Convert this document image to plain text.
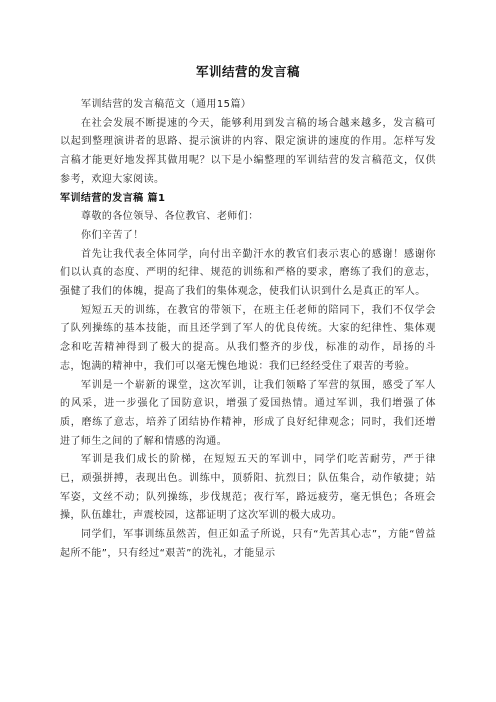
军训结营的发言稿

军训结营的发言稿范文（通用15篇）

在社会发展不断提速的今天，能够利用到发言稿的场合越来越多，发言稿可以起到整理演讲者的思路、提示演讲的内容、限定演讲的速度的作用。怎样写发言稿才能更好地发挥其做用呢？以下是小编整理的军训结营的发言稿范文，仅供参考，欢迎大家阅读。

军训结营的发言稿 篇1

尊敬的各位领导、各位教官、老师们：

你们辛苦了！

首先让我代表全体同学，向付出辛勤汗水的教官们表示衷心的感谢！感谢你们以认真的态度、严明的纪律、规范的训练和严格的要求，磨练了我们的意志，强健了我们的体魄，提高了我们的集体观念，使我们认识到什么是真正的军人。

短短五天的训练，在教官的带领下，在班主任老师的陪同下，我们不仅学会了队列操练的基本技能，而且还学到了军人的优良传统。大家的纪律性、集体观念和吃苦精神得到了极大的提高。从我们整齐的步伐，标准的动作，昂扬的斗志，饱满的精神中，我们可以毫无愧色地说：我们已经经受住了艰苦的考验。

军训是一个崭新的课堂，这次军训，让我们领略了军营的氛围，感受了军人的风采，进一步强化了国防意识，增强了爱国热情。通过军训，我们增强了体质，磨练了意志，培养了团结协作精神，形成了良好纪律观念；同时，我们还增进了师生之间的了解和情感的沟通。

军训是我们成长的阶梯，在短短五天的军训中，同学们吃苦耐劳，严于律已，顽强拼搏，表现出色。训练中，顶骄阳、抗烈日；队伍集合，动作敏捷；站军姿，文丝不动；队列操练，步伐规范；夜行军，路远疲劳，毫无惧色；各班会操，队伍雄壮，声震校园，这都证明了这次军训的极大成功。

同学们，军事训练虽然苦，但正如孟子所说，只有“先苦其心志”，方能“曾益起所不能”，只有经过“艰苦”的洗礼，才能显示
